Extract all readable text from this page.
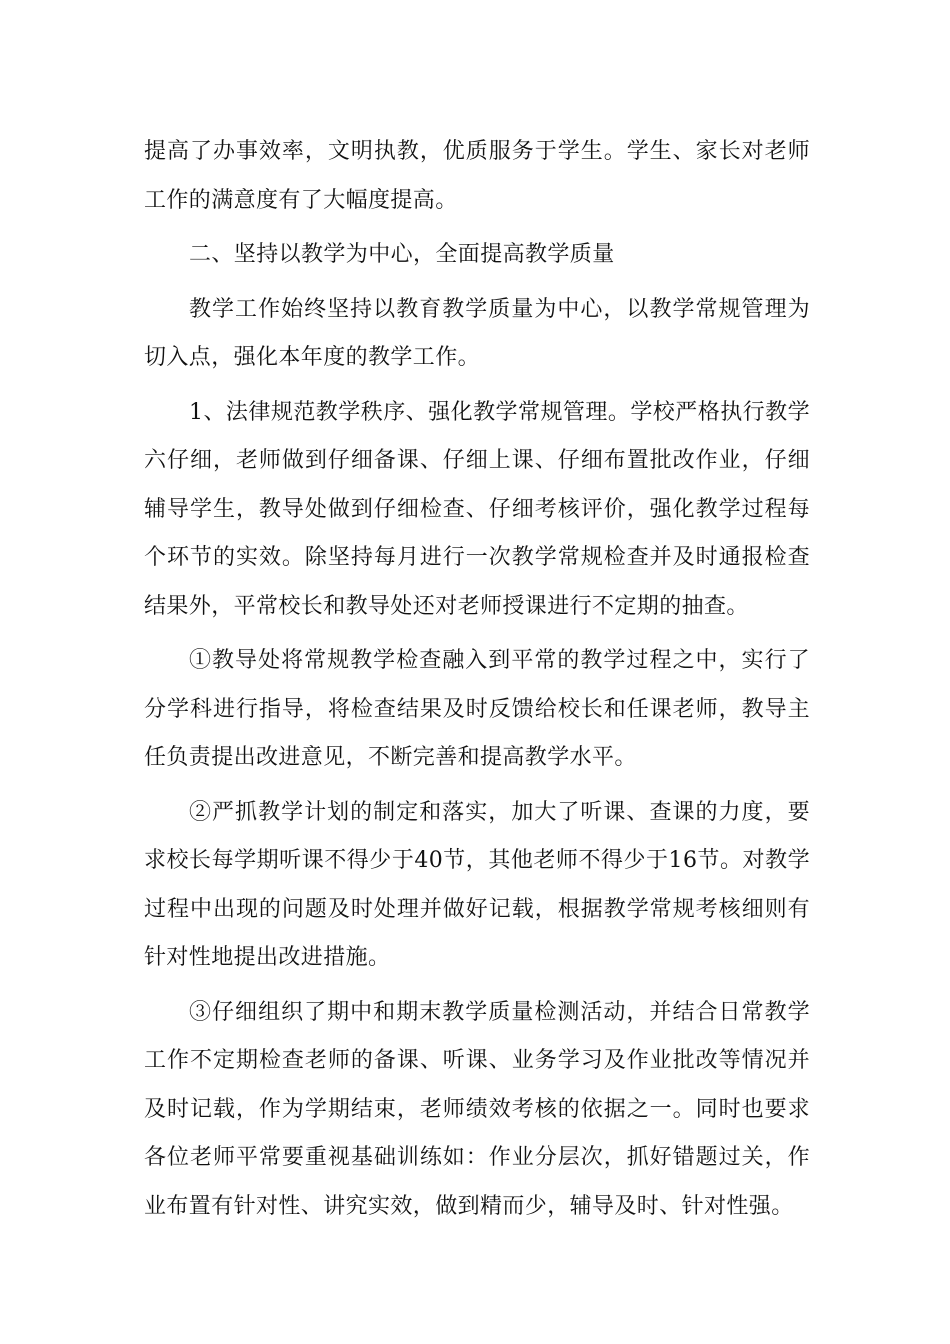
提高了办事效率，文明执教，优质服务于学生。学生、家长对老师工作的满意度有了大幅度提高。

二、坚持以教学为中心，全面提高教学质量

教学工作始终坚持以教育教学质量为中心，以教学常规管理为切入点，强化本年度的教学工作。

1、法律规范教学秩序、强化教学常规管理。学校严格执行教学六仔细，老师做到仔细备课、仔细上课、仔细布置批改作业，仔细辅导学生，教导处做到仔细检查、仔细考核评价，强化教学过程每个环节的实效。除坚持每月进行一次教学常规检查并及时通报检查结果外，平常校长和教导处还对老师授课进行不定期的抽查。

①教导处将常规教学检查融入到平常的教学过程之中，实行了分学科进行指导，将检查结果及时反馈给校长和任课老师，教导主任负责提出改进意见，不断完善和提高教学水平。

②严抓教学计划的制定和落实，加大了听课、查课的力度，要求校长每学期听课不得少于40节，其他老师不得少于16节。对教学过程中出现的问题及时处理并做好记载，根据教学常规考核细则有针对性地提出改进措施。

③仔细组织了期中和期末教学质量检测活动，并结合日常教学工作不定期检查老师的备课、听课、业务学习及作业批改等情况并及时记载，作为学期结束，老师绩效考核的依据之一。同时也要求各位老师平常要重视基础训练如：作业分层次，抓好错题过关，作业布置有针对性、讲究实效，做到精而少，辅导及时、针对性强。
